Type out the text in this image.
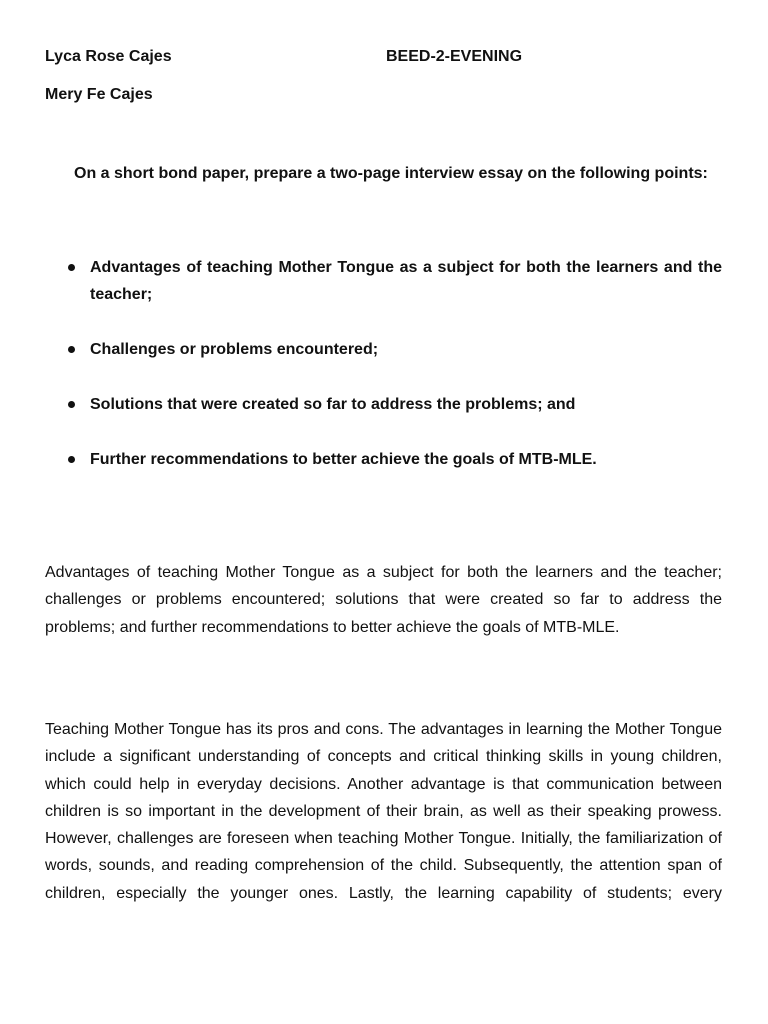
Lyca Rose Cajes	BEED-2-EVENING
Mery Fe Cajes

On a short bond paper, prepare a two-page interview essay on the following points:

Advantages of teaching Mother Tongue as a subject for both the learners and the teacher;
Challenges or problems encountered;
Solutions that were created so far to address the problems; and
Further recommendations to better achieve the goals of MTB-MLE.

Advantages of teaching Mother Tongue as a subject for both the learners and the teacher; challenges or problems encountered; solutions that were created so far to address the problems; and further recommendations to better achieve the goals of MTB-MLE.

Teaching Mother Tongue has its pros and cons. The advantages in learning the Mother Tongue include a significant understanding of concepts and critical thinking skills in young children, which could help in everyday decisions. Another advantage is that communication between children is so important in the development of their brain, as well as their speaking prowess. However, challenges are foreseen when teaching Mother Tongue. Initially, the familiarization of words, sounds, and reading comprehension of the child. Subsequently, the attention span of children, especially the younger ones. Lastly, the learning capability of students; every
